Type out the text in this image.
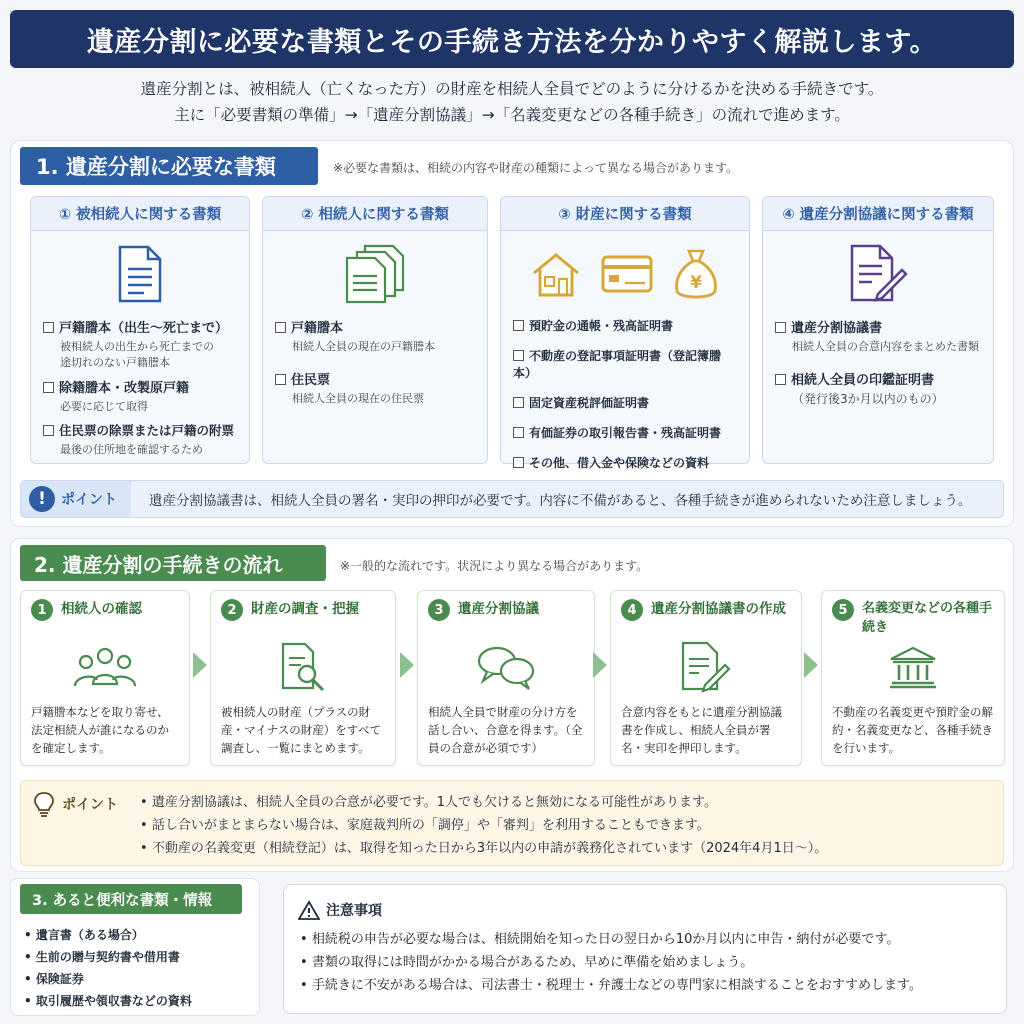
遺産分割に必要な書類とその手続き方法を分かりやすく解説します。
遺産分割とは、被相続人（亡くなった方）の財産を相続人全員でどのように分けるかを決める手続きです。
主に「必要書類の準備」→「遺産分割協議」→「名義変更などの各種手続き」の流れで進めます。
1. 遺産分割に必要な書類	※必要な書類は、相続の内容や財産の種類によって異なる場合があります。
① 被相続人に関する書類
戸籍謄本（出生〜死亡まで）
被相続人の出生から死亡までの
途切れのない戸籍謄本
除籍謄本・改製原戸籍
必要に応じて取得
住民票の除票または戸籍の附票
最後の住所地を確認するため
② 相続人に関する書類
戸籍謄本
相続人全員の現在の戸籍謄本
住民票
相続人全員の現在の住民票
③ 財産に関する書類
¥
預貯金の通帳・残高証明書
不動産の登記事項証明書（登記簿謄本）
固定資産税評価証明書
有価証券の取引報告書・残高証明書
その他、借入金や保険などの資料
④ 遺産分割協議に関する書類
遺産分割協議書
相続人全員の合意内容をまとめた書類
相続人全員の印鑑証明書
（発行後3か月以内のもの）
!	ポイント	遺産分割協議書は、相続人全員の署名・実印の押印が必要です。内容に不備があると、各種手続きが進められないため注意しましょう。
2. 遺産分割の手続きの流れ	※一般的な流れです。状況により異なる場合があります。
1	相続人の確認
戸籍謄本などを取り寄せ、法定相続人が誰になるのかを確定します。
2	財産の調査・把握
被相続人の財産（プラスの財産・マイナスの財産）をすべて調査し、一覧にまとめます。
3	遺産分割協議
相続人全員で財産の分け方を話し合い、合意を得ます。（全員の合意が必須です）
4	遺産分割協議書の作成
合意内容をもとに遺産分割協議書を作成し、相続人全員が署名・実印を押印します。
5	名義変更などの各種手続き
不動産の名義変更や預貯金の解約・名義変更など、各種手続きを行います。
ポイント
•	遺産分割協議は、相続人全員の合意が必要です。1人でも欠けると無効になる可能性があります。
• 話し合いがまとまらない場合は、家庭裁判所の「調停」や「審判」を利用することもできます。
• 不動産の名義変更（相続登記）は、取得を知った日から3年以内の申請が義務化されています（2024年4月1日〜）。
3. あると便利な書類・情報
• 遺言書（ある場合）
• 生前の贈与契約書や借用書
• 保険証券
• 取引履歴や領収書などの資料
注意事項
• 相続税の申告が必要な場合は、相続開始を知った日の翌日から10か月以内に申告・納付が必要です。
• 書類の取得には時間がかかる場合があるため、早めに準備を始めましょう。
• 手続きに不安がある場合は、司法書士・税理士・弁護士などの専門家に相談することをおすすめします。
